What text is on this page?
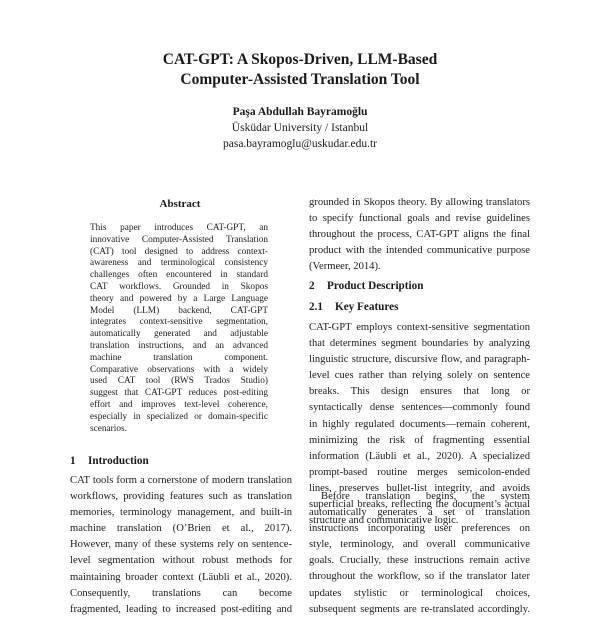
CAT-GPT: A Skopos-Driven, LLM-Based
Computer-Assisted Translation Tool
Paşa Abdullah Bayramoğlu
Üsküdar University / Istanbul
pasa.bayramoglu@uskudar.edu.tr
Abstract
This paper introduces CAT-GPT, an
innovative Computer-Assisted Translation
(CAT) tool designed to address context-
awareness and terminological consistency
challenges often encountered in standard
CAT workflows. Grounded in Skopos
theory and powered by a Large Language
Model (LLM) backend, CAT-GPT
integrates context-sensitive segmentation,
automatically generated and adjustable
translation instructions, and an advanced
machine translation component.
Comparative observations with a widely
used CAT tool (RWS Trados Studio)
suggest that CAT-GPT reduces post-editing
effort and improves text-level coherence,
especially in specialized or domain-specific
scenarios.
1 Introduction
CAT tools form a cornerstone of modern translation
workflows, providing features such as translation
memories, terminology management, and built-in
machine translation (O’Brien et al., 2017).
However, many of these systems rely on sentence-
level segmentation without robust methods for
maintaining broader context (Läubli et al., 2020).
Consequently, translations can become
fragmented, leading to increased post-editing and
grounded in Skopos theory. By allowing translators
to specify functional goals and revise guidelines
throughout the process, CAT-GPT aligns the final
product with the intended communicative purpose
(Vermeer, 2014).
2 Product Description
2.1 Key Features
CAT-GPT employs context-sensitive segmentation
that determines segment boundaries by analyzing
linguistic structure, discursive flow, and paragraph-
level cues rather than relying solely on sentence
breaks. This design ensures that long or
syntactically dense sentences—commonly found
in highly regulated documents—remain coherent,
minimizing the risk of fragmenting essential
information (Läubli et al., 2020). A specialized
prompt-based routine merges semicolon-ended
lines, preserves bullet-list integrity, and avoids
superficial breaks, reflecting the document’s actual
structure and communicative logic.
Before translation begins, the system
automatically generates a set of translation
instructions incorporating user preferences on
style, terminology, and overall communicative
goals. Crucially, these instructions remain active
throughout the workflow, so if the translator later
updates stylistic or terminological choices,
subsequent segments are re-translated accordingly.
